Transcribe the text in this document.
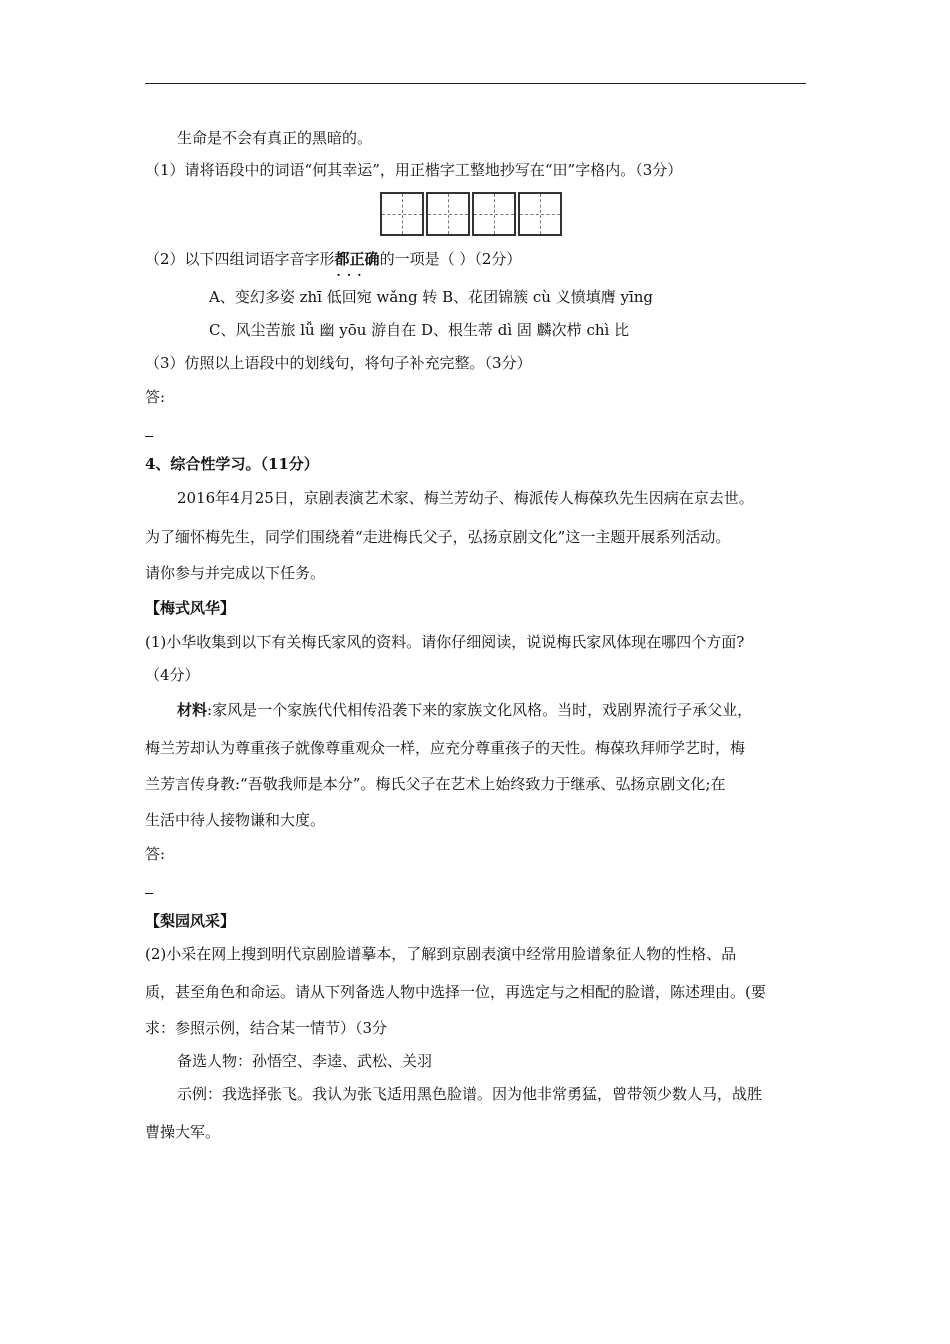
生命是不会有真正的黑暗的。
（1）请将语段中的词语“何其幸运”，用正楷字工整地抄写在“田”字格内。（3分）
（2）以下四组词语字音字形都正确 · · ·的一项是（ ）（2分）
A、变幻多姿 zhī 低回宛 wǎng 转 B、花团锦簇 cù 义愤填膺 yīng
C、风尘苦旅 lǚ 幽 yōu 游自在 D、根生蒂 dì 固 麟次栉 chì 比
（3）仿照以上语段中的划线句，将句子补充完整。（3分）
答:
4、综合性学习。（11分）
2016年4月25日，京剧表演艺术家、梅兰芳幼子、梅派传人梅葆玖先生因病在京去世。
为了缅怀梅先生，同学们围绕着“走进梅氏父子，弘扬京剧文化”这一主题开展系列活动。
请你参与并完成以下任务。
【梅式风华】
(1)小华收集到以下有关梅氏家风的资料。请你仔细阅读，说说梅氏家风体现在哪四个方面?
（4分）
材料:家风是一个家族代代相传沿袭下来的家族文化风格。当时，戏剧界流行子承父业，
梅兰芳却认为尊重孩子就像尊重观众一样，应充分尊重孩子的天性。梅葆玖拜师学艺时，梅
兰芳言传身教:“吾敬我师是本分”。梅氏父子在艺术上始终致力于继承、弘扬京剧文化;在
生活中待人接物谦和大度。
答:
【梨园风采】
(2)小采在网上搜到明代京剧脸谱摹本，了解到京剧表演中经常用脸谱象征人物的性格、品
质，甚至角色和命运。请从下列备选人物中选择一位，再选定与之相配的脸谱，陈述理由。(要
求：参照示例，结合某一情节）（3分
备选人物：孙悟空、李逵、武松、关羽
示例：我选择张飞。我认为张飞适用黑色脸谱。因为他非常勇猛，曾带领少数人马，战胜
曹操大军。
